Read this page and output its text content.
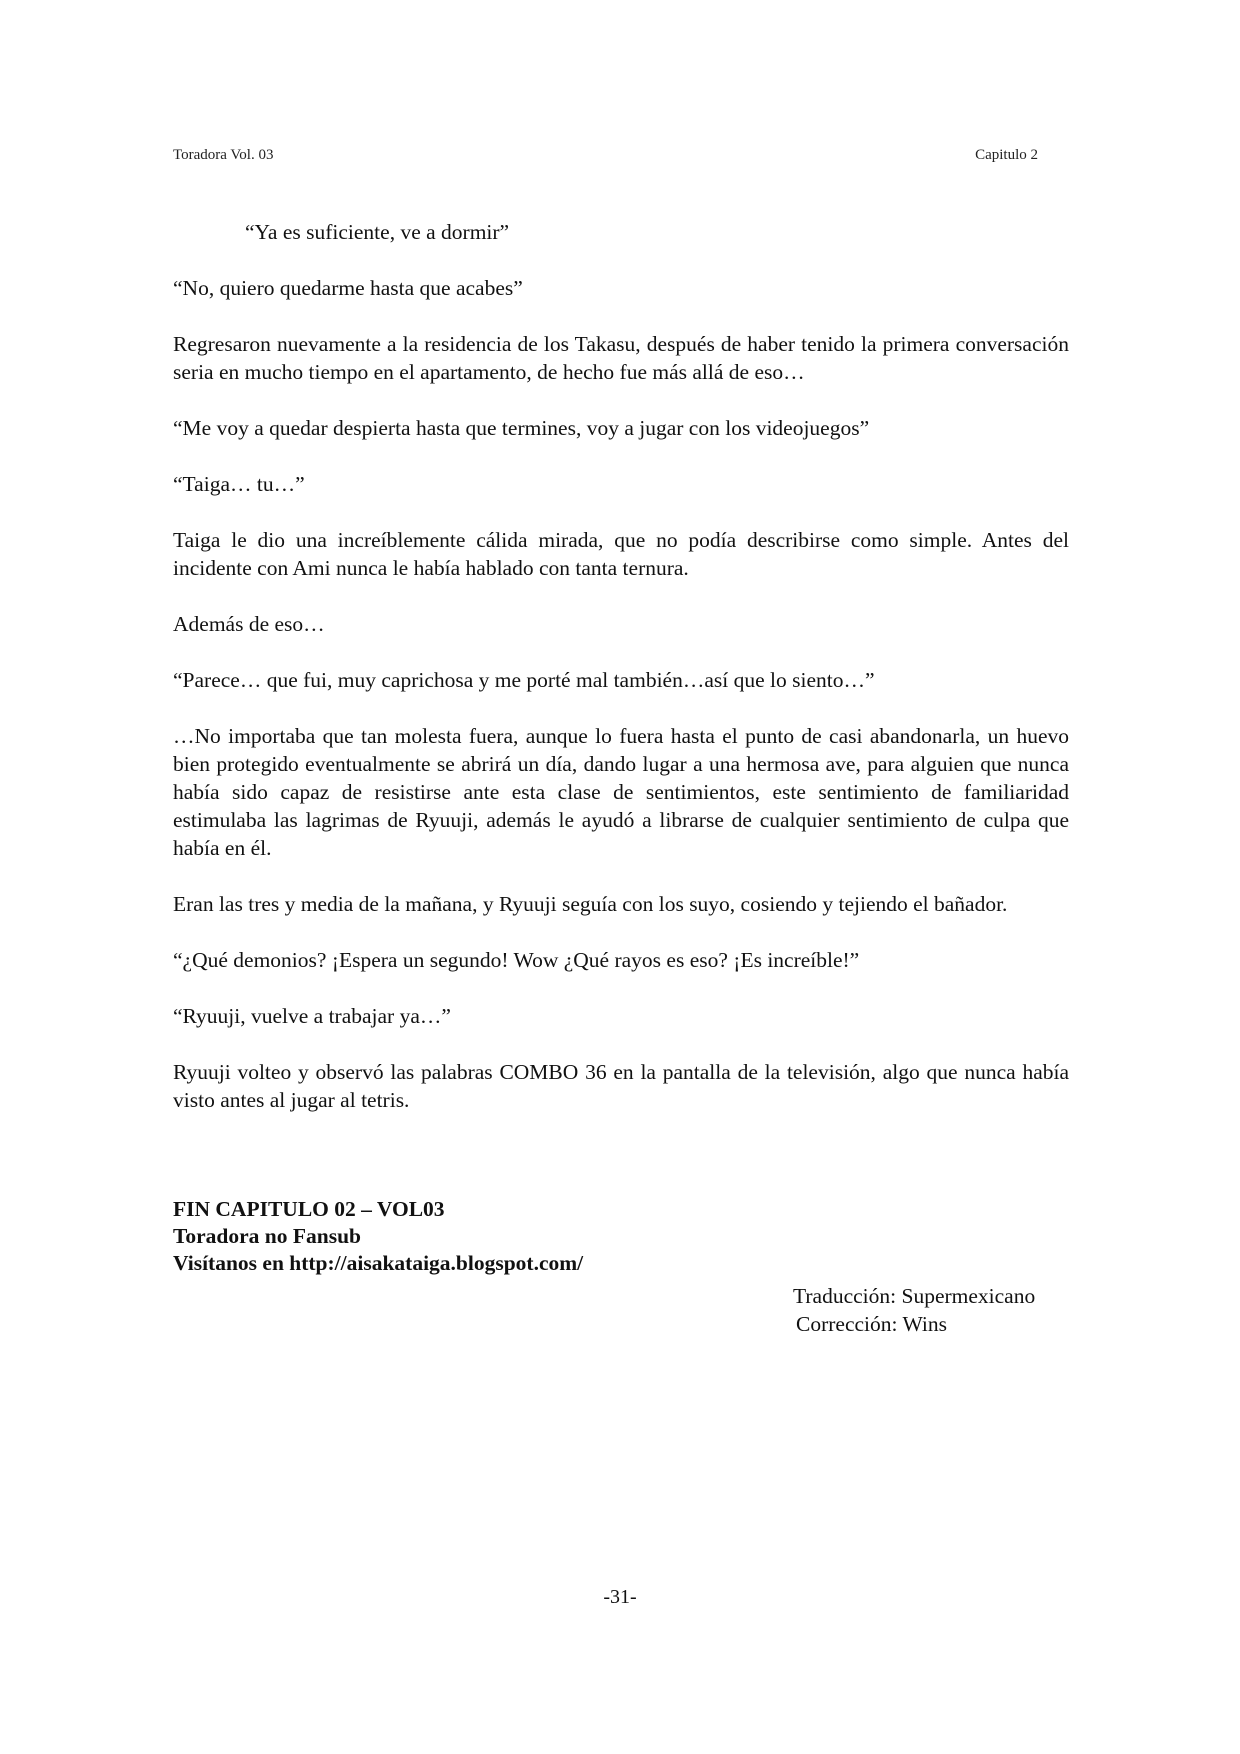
Toradora Vol. 03	Capitulo 2

“Ya es suficiente, ve a dormir”

“No, quiero quedarme hasta que acabes”

Regresaron nuevamente a la residencia de los Takasu, después de haber tenido la primera conversación seria en mucho tiempo en el apartamento, de hecho fue más allá de eso…

“Me voy a quedar despierta hasta que termines, voy a jugar con los videojuegos”

“Taiga… tu…”

Taiga le dio una increíblemente cálida mirada, que no podía describirse como simple. Antes del incidente con Ami nunca le había hablado con tanta ternura.

Además de eso…

“Parece… que fui, muy caprichosa y me porté mal también…así que lo siento…”

…No importaba que tan molesta fuera, aunque lo fuera hasta el punto de casi abandonarla, un huevo bien protegido eventualmente se abrirá un día, dando lugar a una hermosa ave, para alguien que nunca había sido capaz de resistirse ante esta clase de sentimientos, este sentimiento de familiaridad estimulaba las lagrimas de Ryuuji, además le ayudó a librarse de cualquier sentimiento de culpa que había en él.

Eran las tres y media de la mañana, y Ryuuji seguía con los suyo, cosiendo y tejiendo el bañador.

“¿Qué demonios? ¡Espera un segundo! Wow ¿Qué rayos es eso? ¡Es increíble!”

“Ryuuji, vuelve a trabajar ya…”

Ryuuji volteo y observó las palabras COMBO 36 en la pantalla de la televisión, algo que nunca había visto antes al jugar al tetris.

FIN CAPITULO 02 – VOL03
Toradora no Fansub
Visítanos en http://aisakataiga.blogspot.com/
Traducción: Supermexicano
Corrección: Wins
-31-
